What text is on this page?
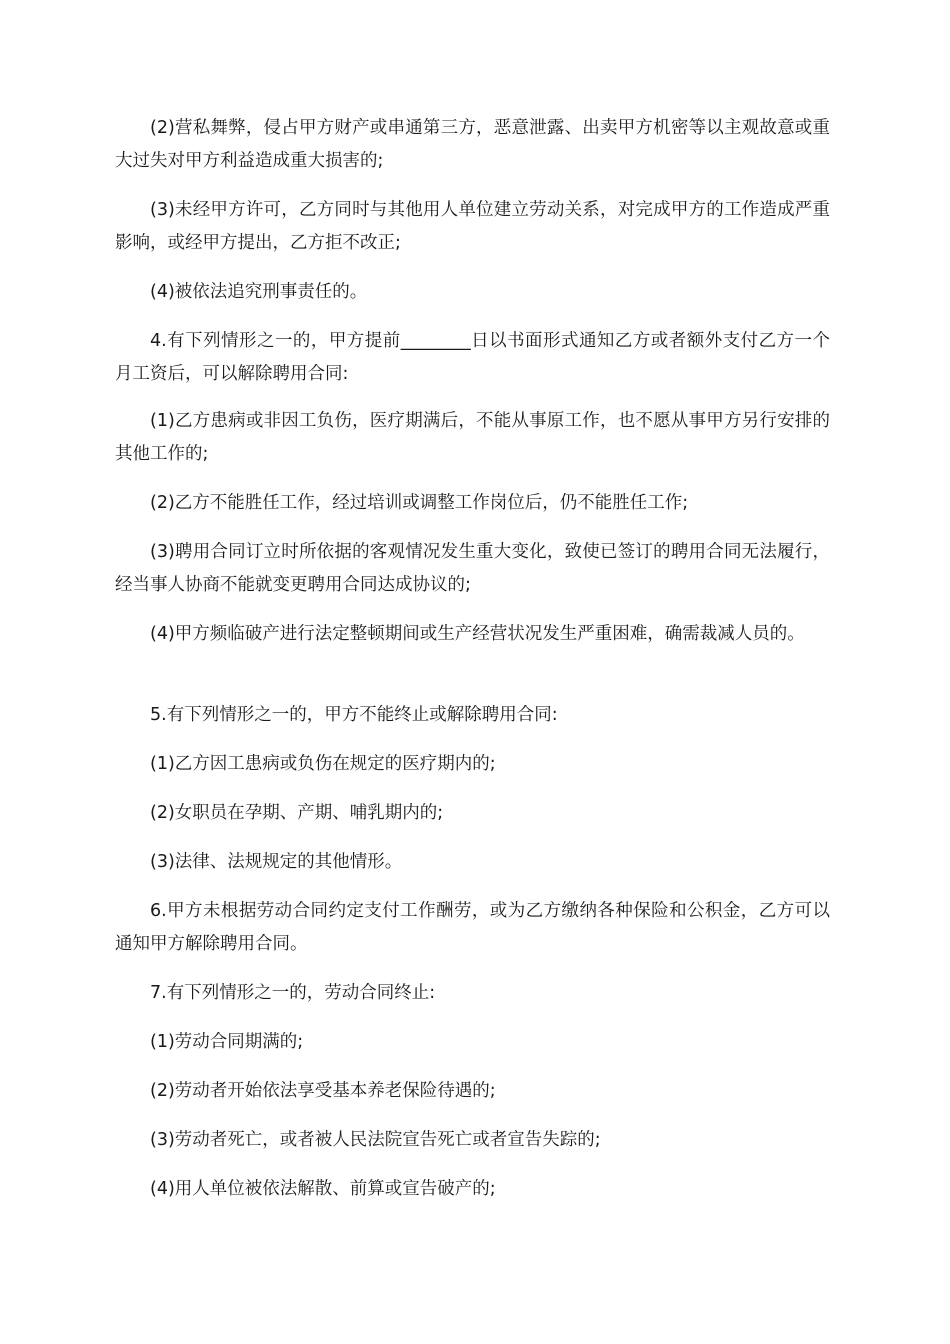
(2)营私舞弊，侵占甲方财产或串通第三方，恶意泄露、出卖甲方机密等以主观故意或重大过失对甲方利益造成重大损害的;

(3)未经甲方许可，乙方同时与其他用人单位建立劳动关系，对完成甲方的工作造成严重影响，或经甲方提出，乙方拒不改正;

(4)被依法追究刑事责任的。

4.有下列情形之一的，甲方提前________日以书面形式通知乙方或者额外支付乙方一个月工资后，可以解除聘用合同:

(1)乙方患病或非因工负伤，医疗期满后，不能从事原工作，也不愿从事甲方另行安排的其他工作的;

(2)乙方不能胜任工作，经过培训或调整工作岗位后，仍不能胜任工作;

(3)聘用合同订立时所依据的客观情况发生重大变化，致使已签订的聘用合同无法履行，经当事人协商不能就变更聘用合同达成协议的;

(4)甲方频临破产进行法定整顿期间或生产经营状况发生严重困难，确需裁减人员的。

5.有下列情形之一的，甲方不能终止或解除聘用合同:

(1)乙方因工患病或负伤在规定的医疗期内的;

(2)女职员在孕期、产期、哺乳期内的;

(3)法律、法规规定的其他情形。

6.甲方未根据劳动合同约定支付工作酬劳，或为乙方缴纳各种保险和公积金，乙方可以通知甲方解除聘用合同。

7.有下列情形之一的，劳动合同终止:

(1)劳动合同期满的;

(2)劳动者开始依法享受基本养老保险待遇的;

(3)劳动者死亡，或者被人民法院宣告死亡或者宣告失踪的;

(4)用人单位被依法解散、前算或宣告破产的;
